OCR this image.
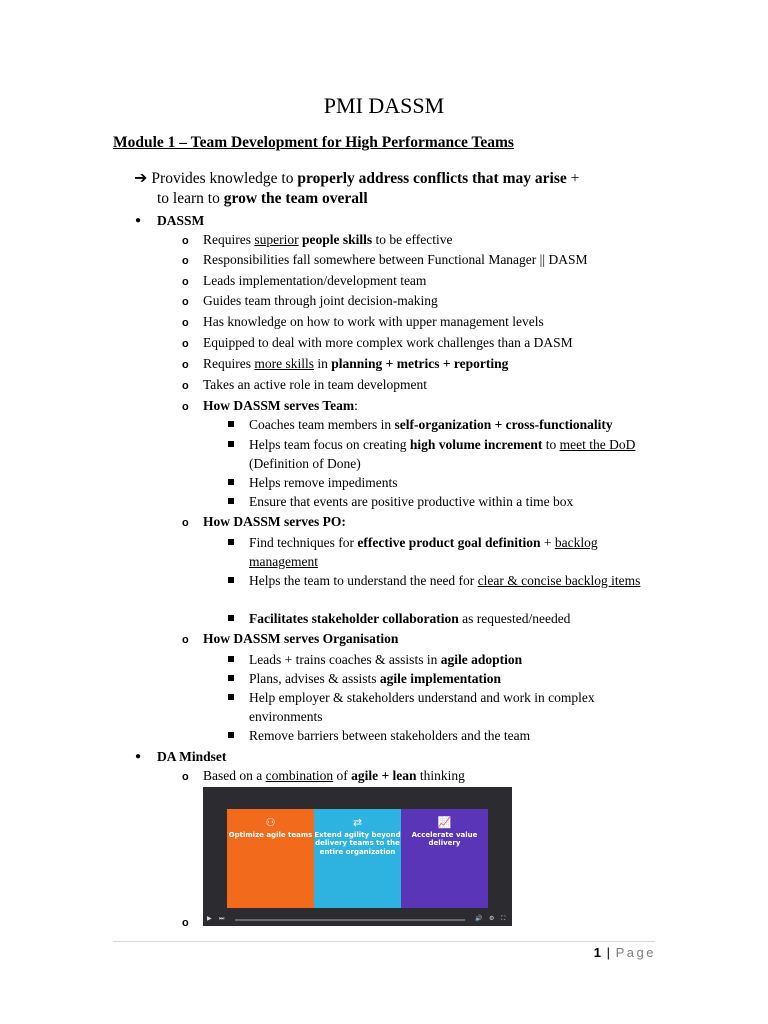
PMI DASSM
Module 1 – Team Development for High Performance Teams
➔ Provides knowledge to properly address conflicts that may arise +
to learn to grow the team overall
● DASSM
o Requires superior people skills to be effective
o Responsibilities fall somewhere between Functional Manager || DASM
o Leads implementation/development team
o Guides team through joint decision-making
o Has knowledge on how to work with upper management levels
o Equipped to deal with more complex work challenges than a DASM
o Requires more skills in planning + metrics + reporting
o Takes an active role in team development
o How DASSM serves Team:
Coaches team members in self-organization + cross-functionality
Helps team focus on creating high volume increment to meet the DoD (Definition of Done)
Helps remove impediments
Ensure that events are positive productive within a time box
o How DASSM serves PO:
Find techniques for effective product goal definition + backlog management
Helps the team to understand the need for clear & concise backlog items
Facilitates stakeholder collaboration as requested/needed
o How DASSM serves Organisation
Leads + trains coaches & assists in agile adoption
Plans, advises & assists agile implementation
Help employer & stakeholders understand and work in complex environments
Remove barriers between stakeholders and the team
● DA Mindset
o Based on a combination of agile + lean thinking
o
⚇
Optimize agile teams
⇄
Extend agility beyond delivery teams to the entire organization
📈
Accelerate value delivery
▶ ⏭	🔊 ⚙ ⛶
1 | Page
